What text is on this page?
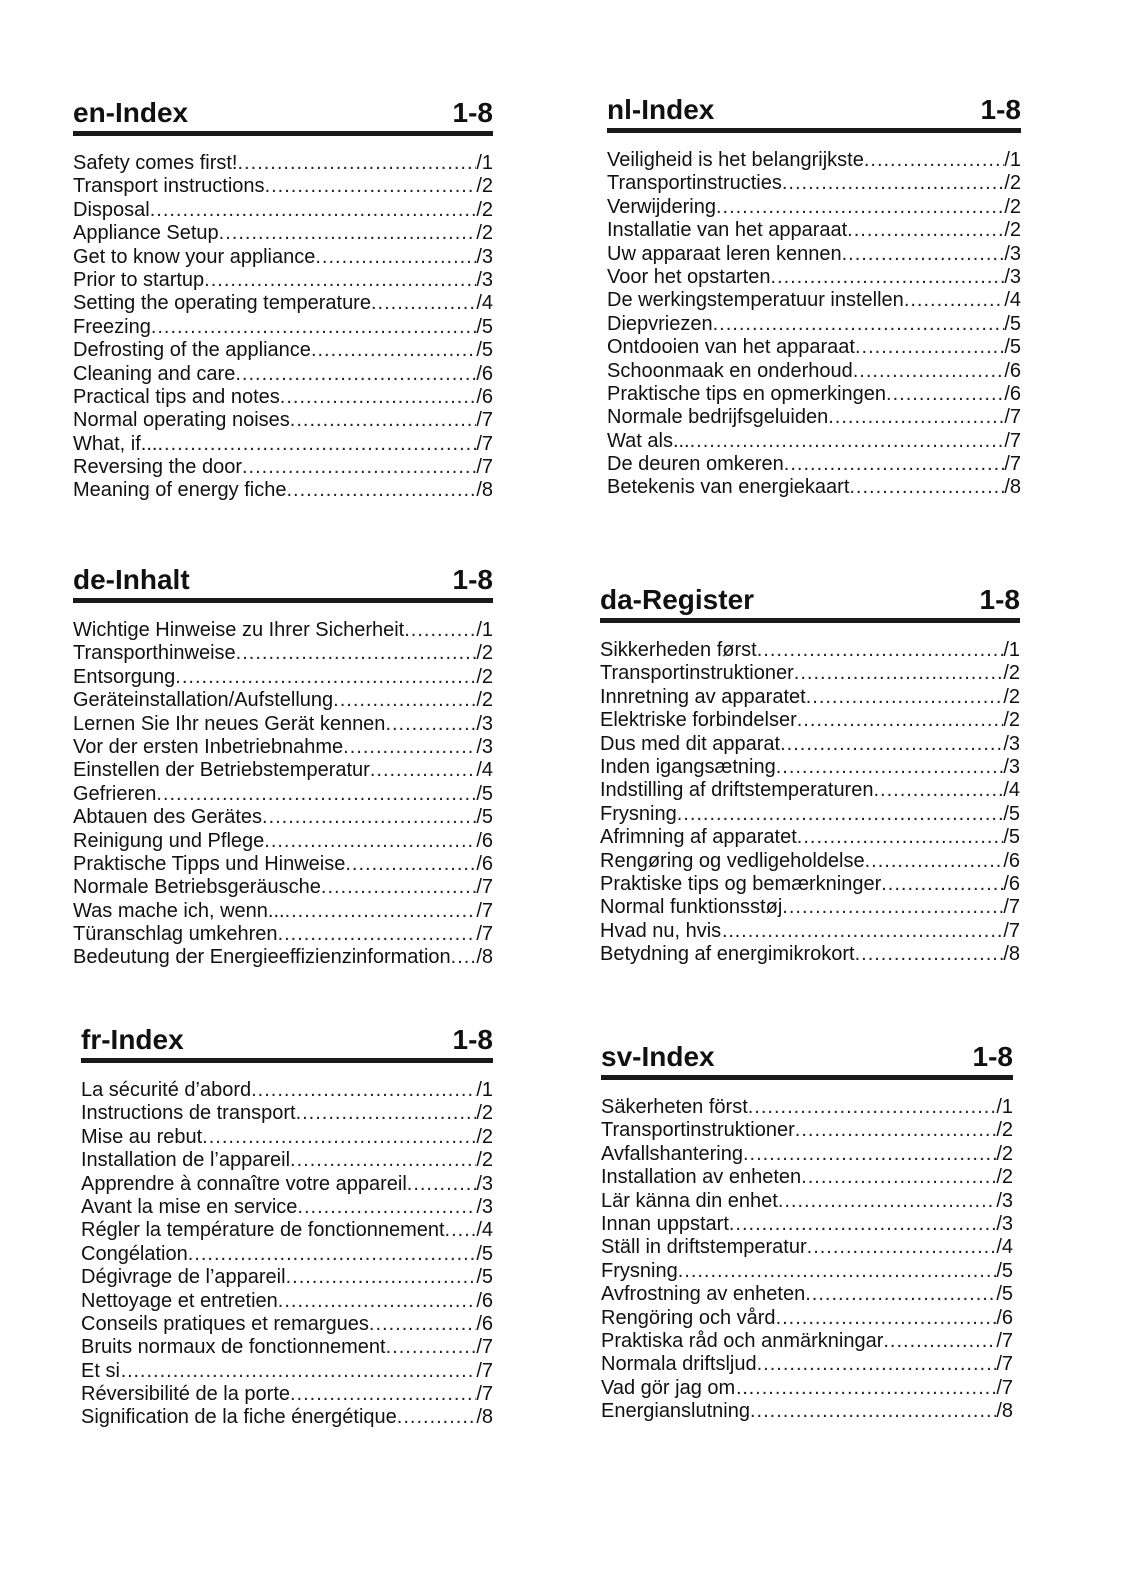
en-Index	1-8
Safety comes first! .....	/1
Transport instructions .....	/2
Disposal .....	/2
Appliance Setup .....	/2
Get to know your appliance .....	/3
Prior to startup .....	/3
Setting the operating temperature .....	/4
Freezing .....	/5
Defrosting of the appliance .....	/5
Cleaning and care .....	/6
Practical tips and notes .....	/6
Normal operating noises .....	/7
What, if... .....	/7
Reversing the door .....	/7
Meaning of energy fiche .....	/8
nl-Index	1-8
Veiligheid is het belangrijkste .....	/1
Transportinstructies .....	/2
Verwijdering .....	/2
Installatie van het apparaat .....	/2
Uw apparaat leren kennen .....	/3
Voor het opstarten .....	/3
De werkingstemperatuur instellen .....	/4
Diepvriezen .....	/5
Ontdooien van het apparaat .....	/5
Schoonmaak en onderhoud .....	/6
Praktische tips en opmerkingen .....	/6
Normale bedrijfsgeluiden .....	/7
Wat als... .....	/7
De deuren omkeren .....	/7
Betekenis van energiekaart .....	/8
de-Inhalt	1-8
Wichtige Hinweise zu Ihrer Sicherheit .....	/1
Transporthinweise .....	/2
Entsorgung .....	/2
Geräteinstallation/Aufstellung .....	/2
Lernen Sie Ihr neues Gerät kennen .....	/3
Vor der ersten Inbetriebnahme .....	/3
Einstellen der Betriebstemperatur .....	/4
Gefrieren .....	/5
Abtauen des Gerätes .....	/5
Reinigung und Pflege .....	/6
Praktische Tipps und Hinweise .....	/6
Normale Betriebsgeräusche .....	/7
Was mache ich, wenn... .....	/7
Türanschlag umkehren .....	/7
Bedeutung der Energieeffizienzinformation ..... /8
da-Register	1-8
Sikkerheden først .....	/1
Transportinstruktioner .....	/2
Innretning av apparatet .....	/2
Elektriske forbindelser .....	/2
Dus med dit apparat .....	/3
Inden igangsætning .....	/3
Indstilling af driftstemperaturen .....	/4
Frysning .....	/5
Afrimning af apparatet .....	/5
Rengøring og vedligeholdelse .....	/6
Praktiske tips og bemærkninger .....	/6
Normal funktionsstøj .....	/7
Hvad nu, hvis… .....	/7
Betydning af energimikrokort .....	/8
fr-Index	1-8
La sécurité d’abord .....	/1
Instructions de transport .....	/2
Mise au rebut .....	/2
Installation de l’appareil .....	/2
Apprendre à connaître votre appareil .....	/3
Avant la mise en service .....	/3
Régler la température de fonctionnement ..... /4
Congélation .....	/5
Dégivrage de l’appareil .....	/5
Nettoyage et entretien .....	/6
Conseils pratiques et remargues .....	/6
Bruits normaux de fonctionnement .....	/7
Et si… .....	/7
Réversibilité de la porte .....	/7
Signification de la fiche énergétique .....	/8
sv-Index	1-8
Säkerheten först .....	/1
Transportinstruktioner .....	/2
Avfallshantering .....	/2
Installation av enheten .....	/2
Lär känna din enhet .....	/3
Innan uppstart .....	/3
Ställ in driftstemperatur .....	/4
Frysning .....	/5
Avfrostning av enheten .....	/5
Rengöring och vård .....	/6
Praktiska råd och anmärkningar .....	/7
Normala driftsljud .....	/7
Vad gör jag om… .....	/7
Energianslutning .....	/8
